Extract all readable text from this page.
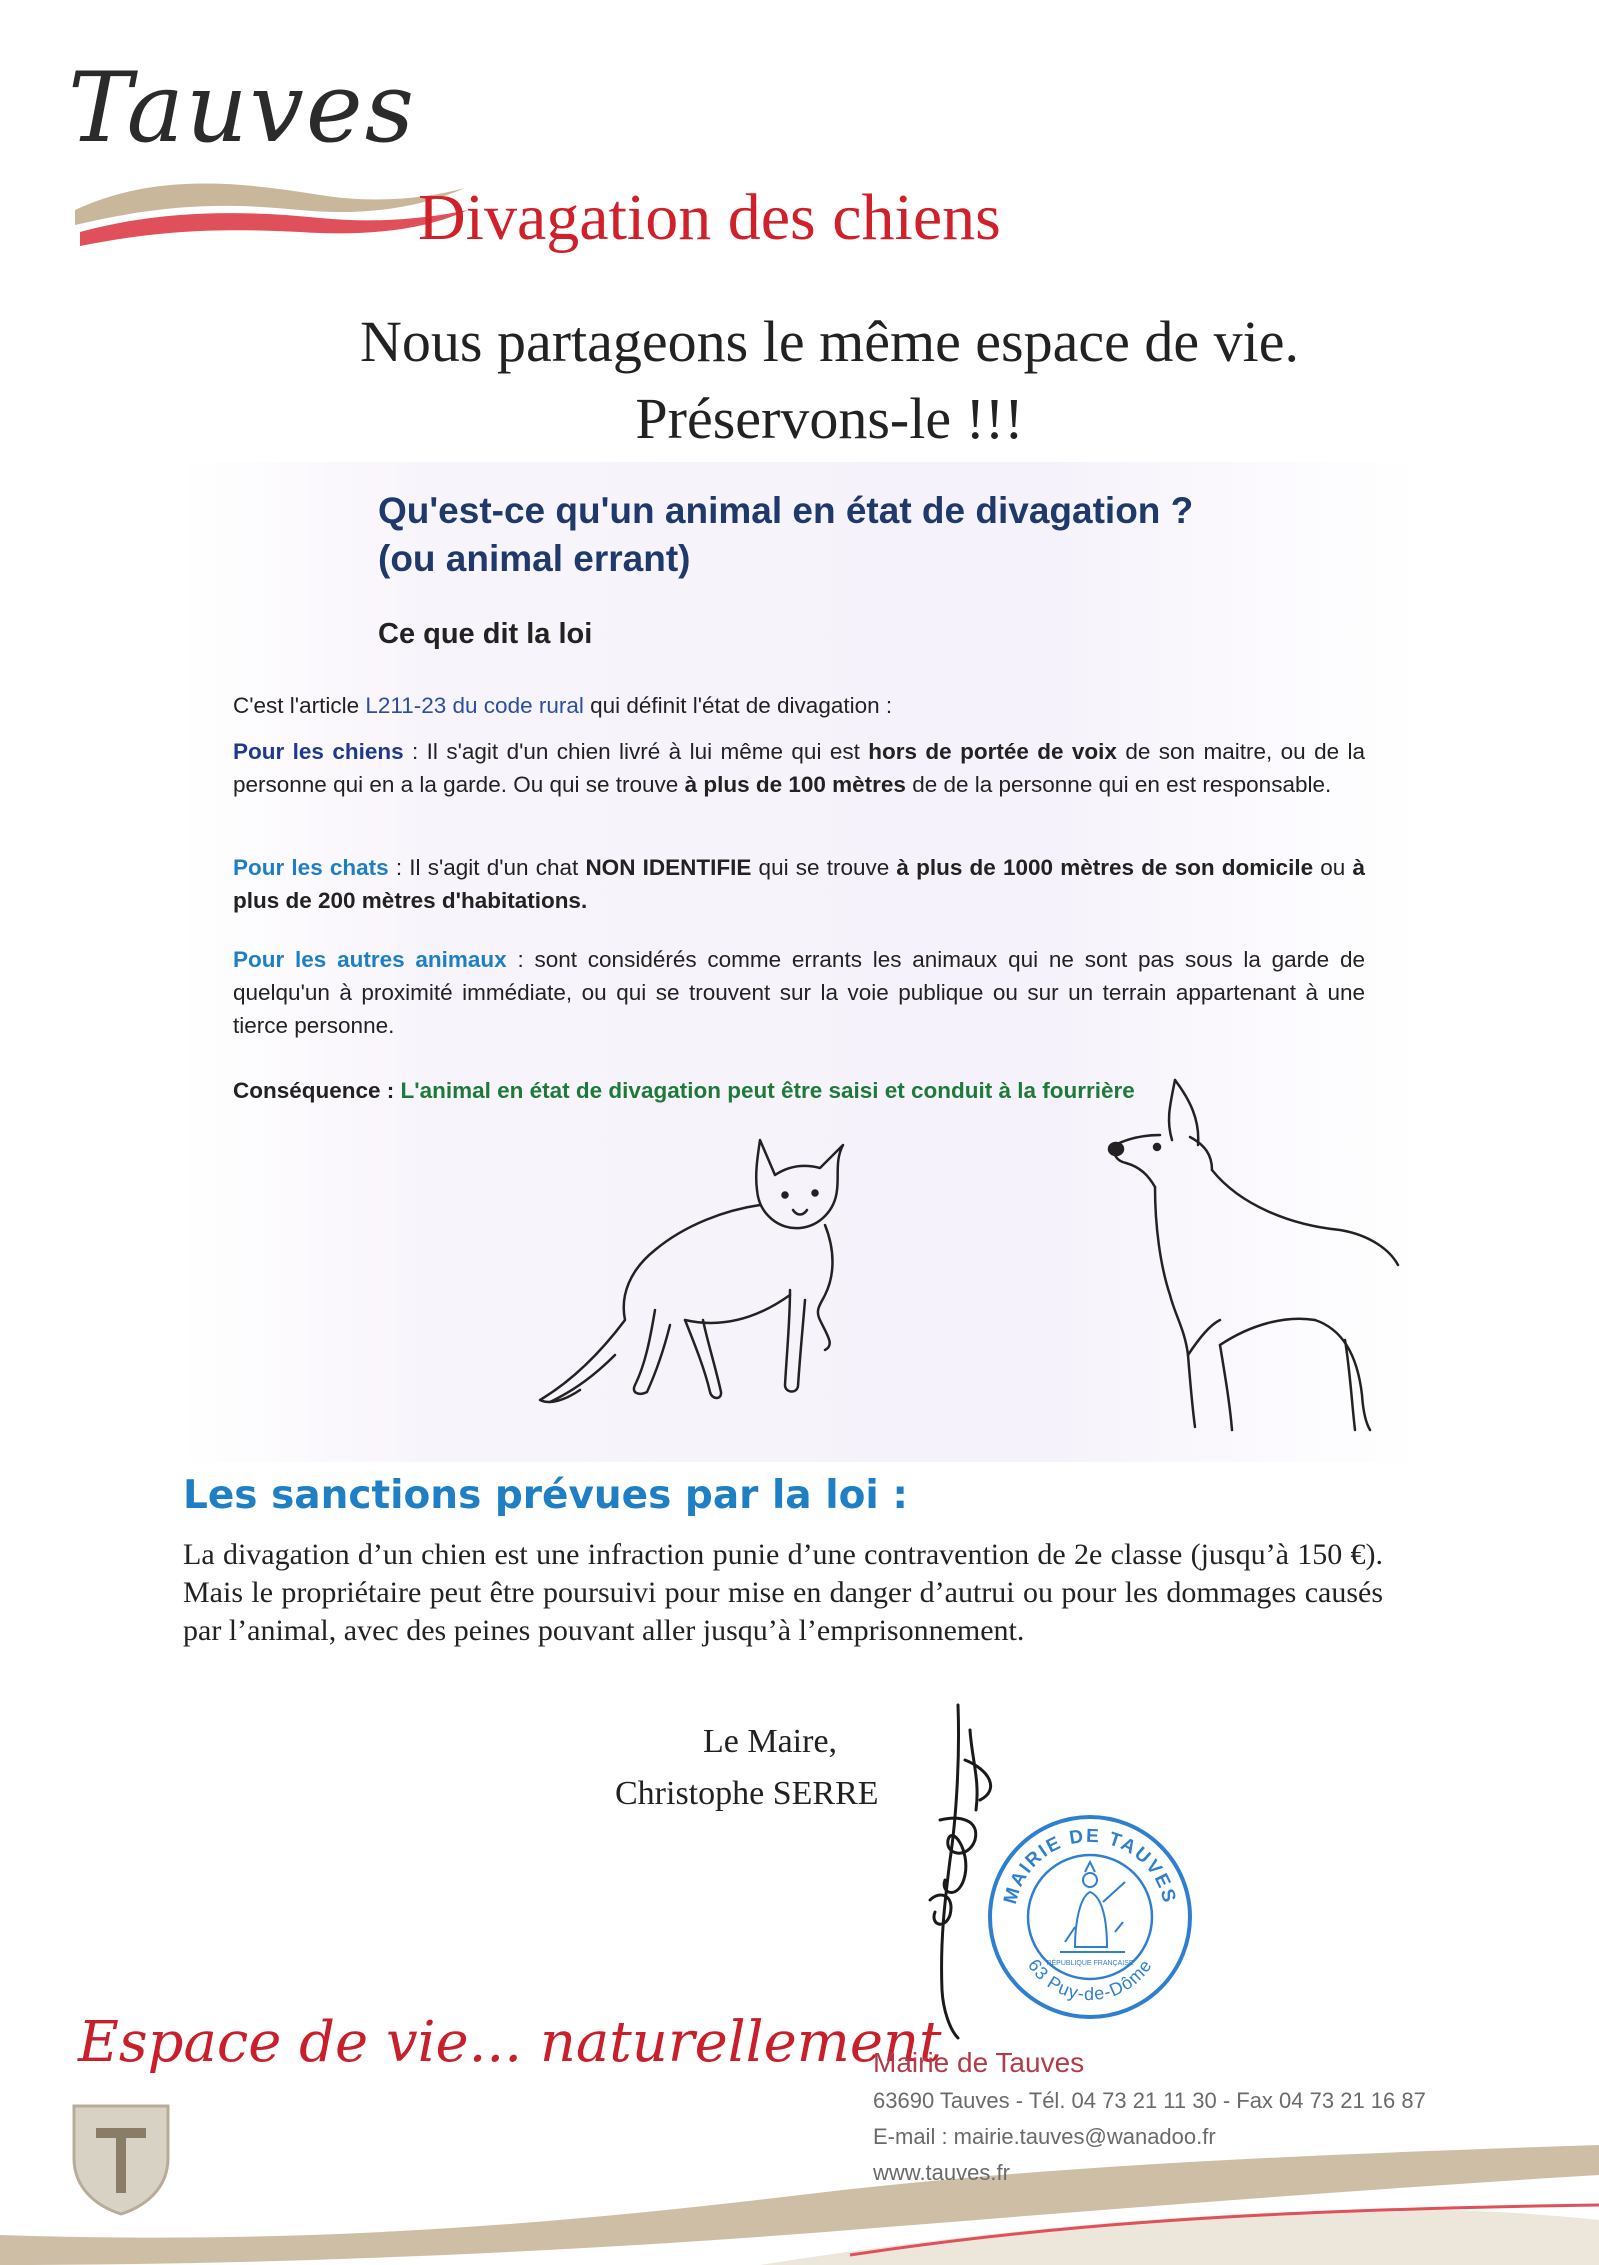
Tauves
Divagation des chiens
Nous partageons le même espace de vie.
Préservons-le !!!
Qu'est-ce qu'un animal en état de divagation ?
(ou animal errant)
Ce que dit la loi
C'est l'article L211-23 du code rural qui définit l'état de divagation :
Pour les chiens : Il s'agit d'un chien livré à lui même qui est hors de portée de voix de son maitre, ou de la personne qui en a la garde. Ou qui se trouve à plus de 100 mètres de de la personne qui en est responsable.
Pour les chats : Il s'agit d'un chat NON IDENTIFIE qui se trouve à plus de 1000 mètres de son domicile ou à plus de 200 mètres d'habitations.
Pour les autres animaux : sont considérés comme errants les animaux qui ne sont pas sous la garde de quelqu'un à proximité immédiate, ou qui se trouvent sur la voie publique ou sur un terrain appartenant à une tierce personne.
Conséquence : L'animal en état de divagation peut être saisi et conduit à la fourrière
Les sanctions prévues par la loi :
La divagation d’un chien est une infraction punie d’une contravention de 2e classe (jusqu’à 150 €). Mais le propriétaire peut être poursuivi pour mise en danger d’autrui ou pour les dommages causés par l’animal, avec des peines pouvant aller jusqu’à l’emprisonnement.
Le Maire,
Christophe SERRE
MAIRIE DE TAUVES
63 Puy-de-Dôme
RÉPUBLIQUE FRANÇAISE
Espace de vie... naturellement
Mairie de Tauves
63690 Tauves - Tél. 04 73 21 11 30 - Fax 04 73 21 16 87
E-mail : mairie.tauves@wanadoo.fr
www.tauves.fr
